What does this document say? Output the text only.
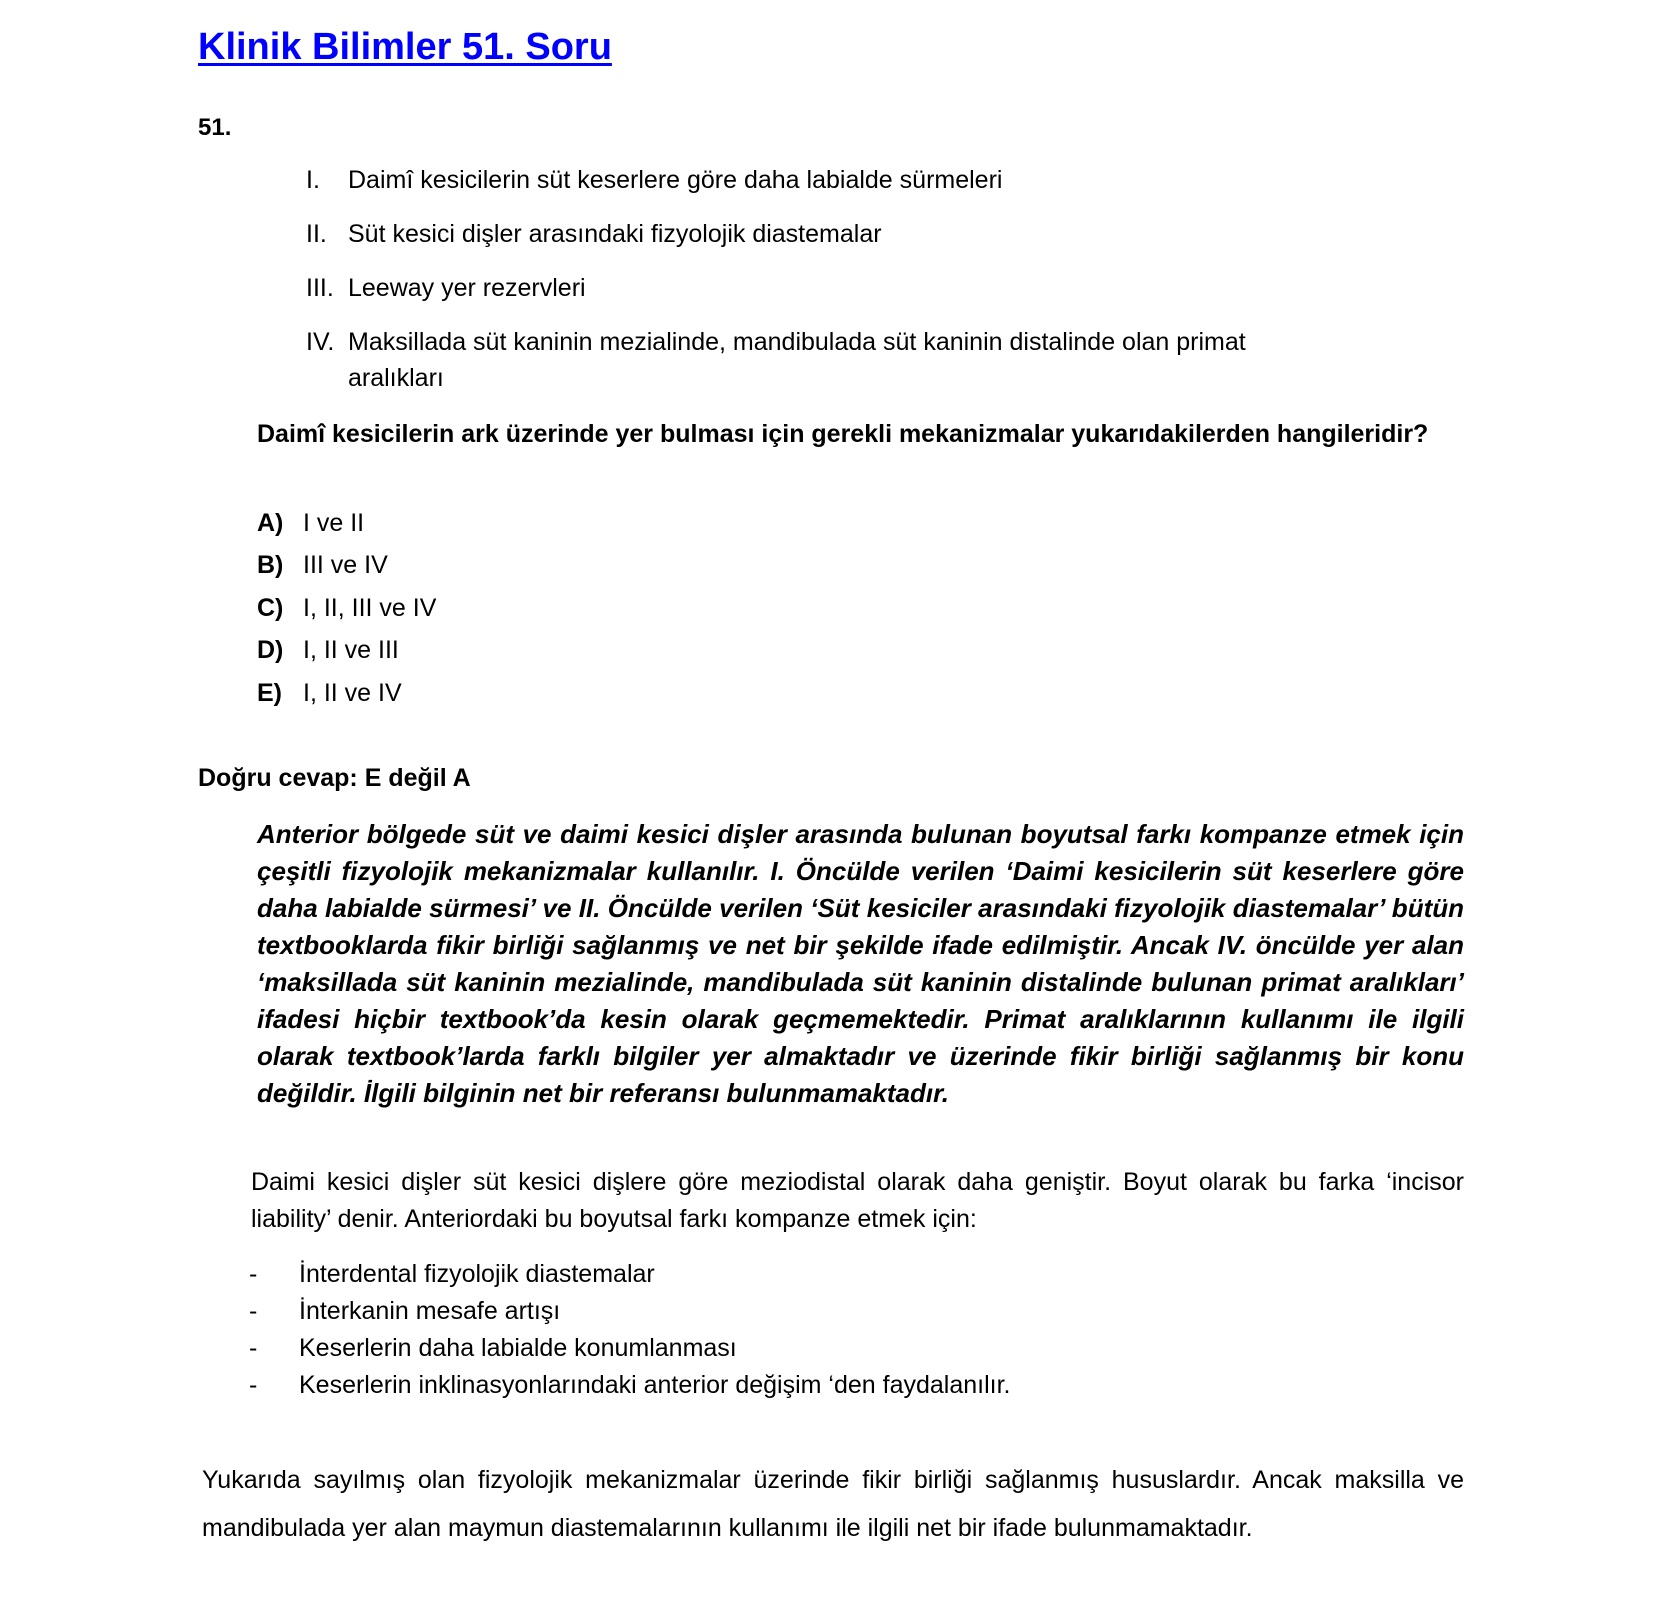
Klinik Bilimler 51. Soru
51.
I. Daimî kesicilerin süt keserlere göre daha labialde sürmeleri
II. Süt kesici dişler arasındaki fizyolojik diastemalar
III. Leeway yer rezervleri
IV. Maksillada süt kaninin mezialinde, mandibulada süt kaninin distalinde olan primat
aralıkları
Daimî kesicilerin ark üzerinde yer bulması için gerekli mekanizmalar yukarıdakilerden hangileridir?
A) I ve II
B) III ve IV
C) I, II, III ve IV
D) I, II ve III
E) I, II ve IV
Doğru cevap: E değil A
Anterior bölgede süt ve daimi kesici dişler arasında bulunan boyutsal farkı kompanze etmek için çeşitli fizyolojik mekanizmalar kullanılır. I. Öncülde verilen ‘Daimi kesicilerin süt keserlere göre daha labialde sürmesi’ ve II. Öncülde verilen ‘Süt kesiciler arasındaki fizyolojik diastemalar’ bütün textbooklarda fikir birliği sağlanmış ve net bir şekilde ifade edilmiştir. Ancak IV. öncülde yer alan ‘maksillada süt kaninin mezialinde, mandibulada süt kaninin distalinde bulunan primat aralıkları’ ifadesi hiçbir textbook’da kesin olarak geçmemektedir. Primat aralıklarının kullanımı ile ilgili olarak textbook’larda farklı bilgiler yer almaktadır ve üzerinde fikir birliği sağlanmış bir konu değildir. İlgili bilginin net bir referansı bulunmamaktadır.
Daimi kesici dişler süt kesici dişlere göre meziodistal olarak daha geniştir. Boyut olarak bu farka ‘incisor liability’ denir. Anteriordaki bu boyutsal farkı kompanze etmek için:
- İnterdental fizyolojik diastemalar
- İnterkanin mesafe artışı
- Keserlerin daha labialde konumlanması
- Keserlerin inklinasyonlarındaki anterior değişim ‘den faydalanılır.
Yukarıda sayılmış olan fizyolojik mekanizmalar üzerinde fikir birliği sağlanmış hususlardır. Ancak maksilla ve mandibulada yer alan maymun diastemalarının kullanımı ile ilgili net bir ifade bulunmamaktadır.
